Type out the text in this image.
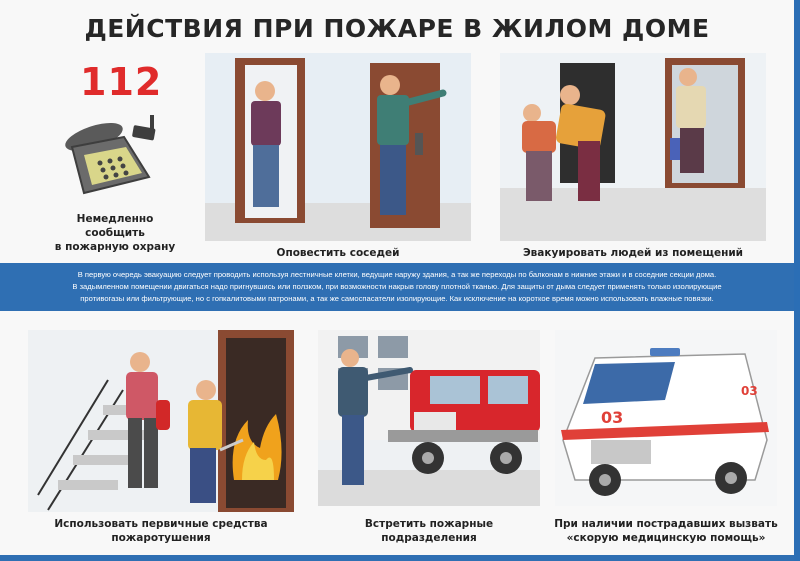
ДЕЙСТВИЯ ПРИ ПОЖАРЕ В ЖИЛОМ ДОМЕ
112
Немедленно
сообщить
в пожарную охрану	Оповестить соседей	Эвакуировать людей из помещений

В первую очередь эвакуацию следует проводить используя лестничные клетки, ведущие наружу здания, а так же переходы по балконам в нижние этажи и в соседние секции дома.

В задымленном помещении двигаться надо пригнувшись или ползком, при возможности накрыв голову плотной тканью. Для защиты от дыма следует применять только изолирующие

противогазы или фильтрующие, но с гопкалитовыми патронами, а так же самоспасатели изолирующие. Как исключение на короткое время можно использовать влажные повязки.

Использовать первичные средства
пожаротушения
Встретить пожарные
подразделения
03
03
При наличии пострадавших вызвать
«скорую медицинскую помощь»
